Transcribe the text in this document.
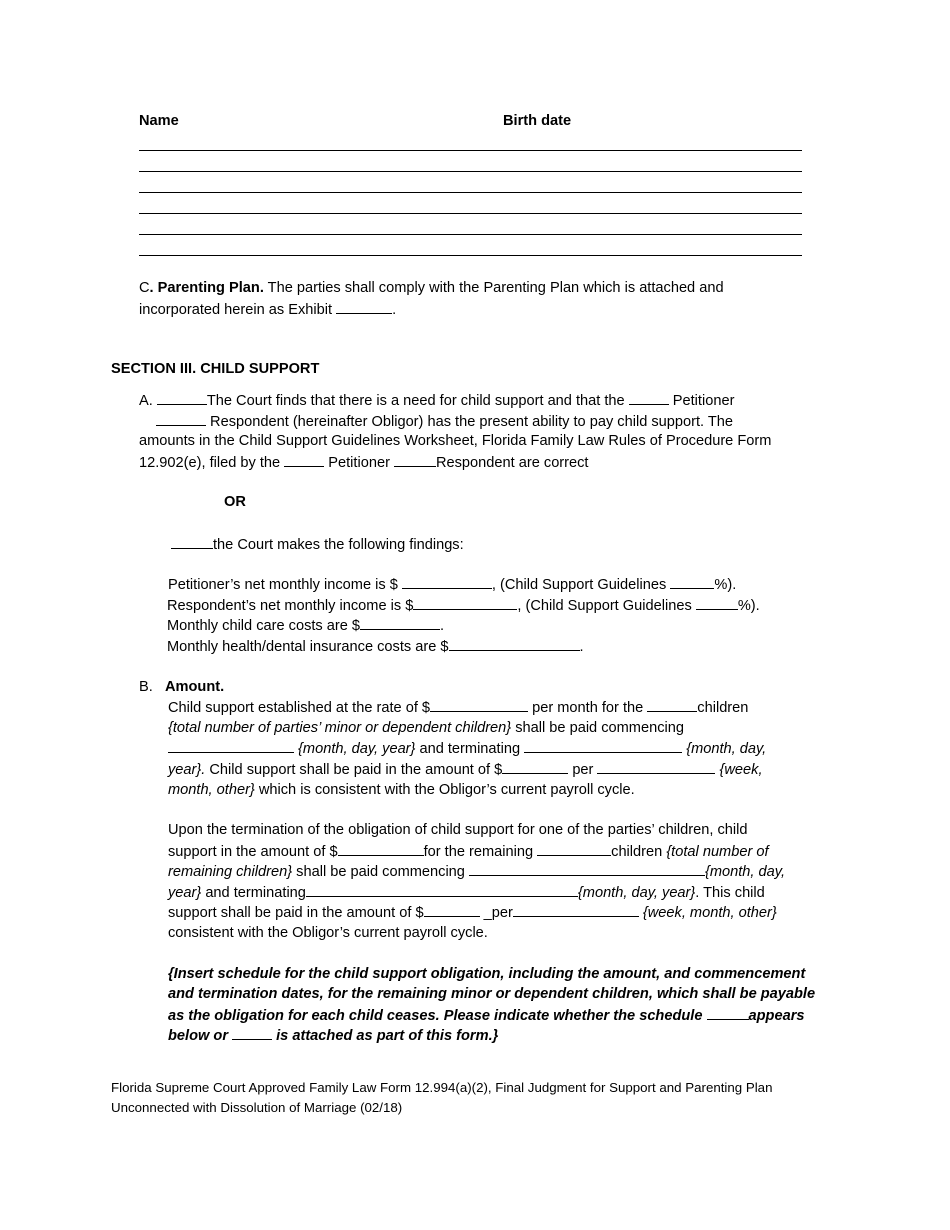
Name	Birth date
C. Parenting Plan. The parties shall comply with the Parenting Plan which is attached and
incorporated herein as Exhibit	.
SECTION III. CHILD SUPPORT
A.	The Court finds that there is a need for child support and that the	Petitioner
Respondent (hereinafter Obligor) has the present ability to pay child support. The
amounts in the Child Support Guidelines Worksheet, Florida Family Law Rules of Procedure Form
12.902(e), filed by the	Petitioner	Respondent are correct
OR
the Court makes the following findings:
Petitioner’s net monthly income is $	, (Child Support Guidelines	%).
Respondent’s net monthly income is $	, (Child Support Guidelines	%).
Monthly child care costs are $	.
Monthly health/dental insurance costs are $	.
B. Amount.
Child support established at the rate of $	per month for the	children
{total number of parties’ minor or dependent children} shall be paid commencing
{month, day, year} and terminating	{month, day,
year}. Child support shall be paid in the amount of $	per	{week,
month, other} which is consistent with the Obligor’s current payroll cycle.
Upon the termination of the obligation of child support for one of the parties’ children, child
support in the amount of $	for the remaining	children {total number of
remaining children} shall be paid commencing	{month, day,
year} and terminating	{month, day, year}. This child
support shall be paid in the amount of $	_per	{week, month, other}
consistent with the Obligor’s current payroll cycle.
{Insert schedule for the child support obligation, including the amount, and commencement
and termination dates, for the remaining minor or dependent children, which shall be payable
as the obligation for each child ceases. Please indicate whether the schedule	appears
below or	is attached as part of this form.}
Florida Supreme Court Approved Family Law Form 12.994(a)(2), Final Judgment for Support and Parenting Plan
Unconnected with Dissolution of Marriage (02/18)
